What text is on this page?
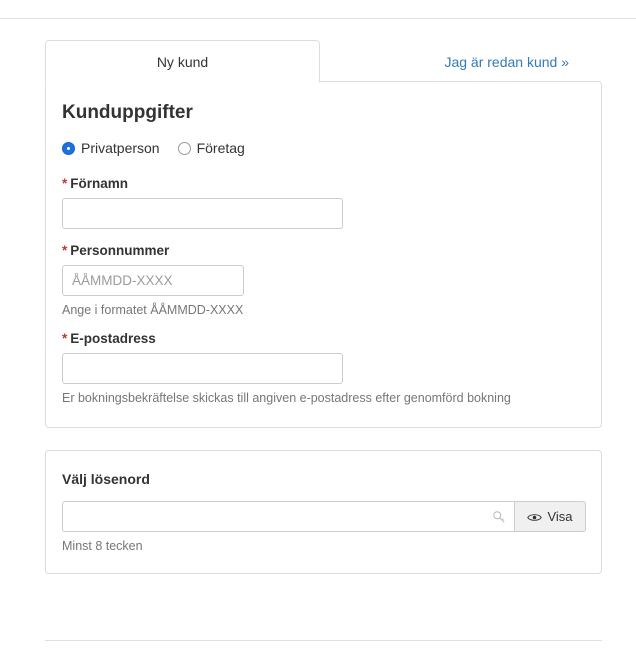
Ny kund	Jag är redan kund »
Kunduppgifter
Privatperson	Företag
* Förnamn
* Personnummer
ÅÅMMDD-XXXX
Ange i formatet ÅÅMMDD-XXXX
* E-postadress
Er bokningsbekräftelse skickas till angiven e-postadress efter genomförd bokning
Välj lösenord
Visa
Minst 8 tecken
